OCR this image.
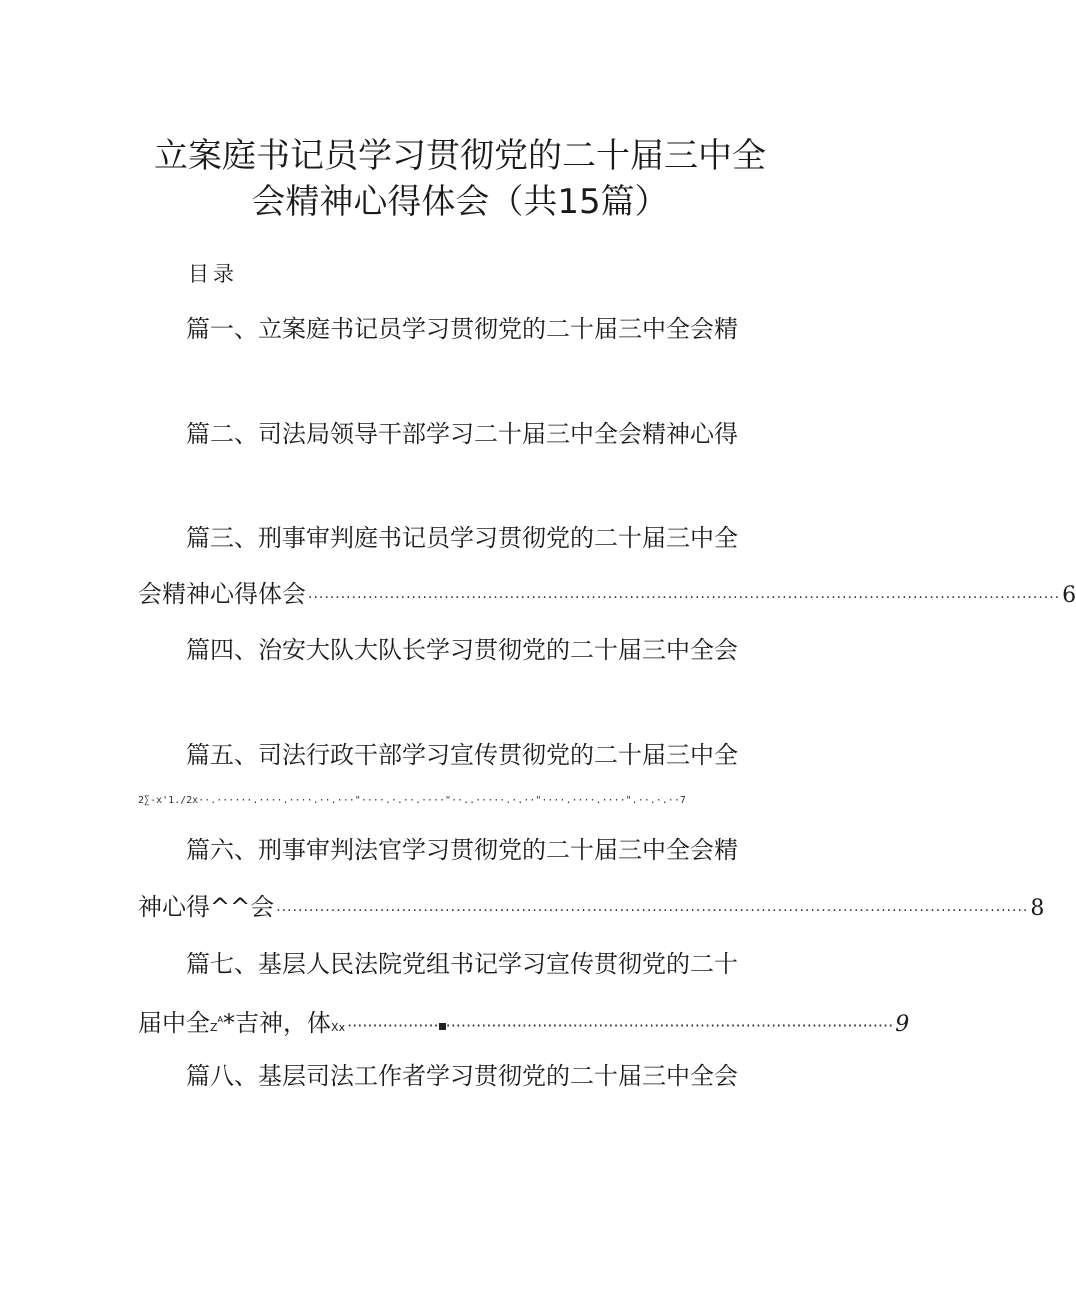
立案庭书记员学习贯彻党的二十届三中全
会精神心得体会（共15篇）
目录
篇一、立案庭书记员学习贯彻党的二十届三中全会精
篇二、司法局领导干部学习二十届三中全会精神心得
篇三、刑事审判庭书记员学习贯彻党的二十届三中全
会精神心得体会 ·········································································································································· 6
篇四、治安大队大队长学习贯彻党的二十届三中全会
篇五、司法行政干部学习宣传贯彻党的二十届三中全
2∑-x'1./2x··.······.····.····.··.···"····.·.··.····"··..·····.·.··"····.····.····".··.·.··7
篇六、刑事审判法官学习贯彻党的二十届三中全会精
神心得^^会 ·········································································································································· 8
篇七、基层人民法院党组书记学习宣传贯彻党的二十
届中全$Z^A*$吉神，体Xx ·················· ························································································ 9
篇八、基层司法工作者学习贯彻党的二十届三中全会
